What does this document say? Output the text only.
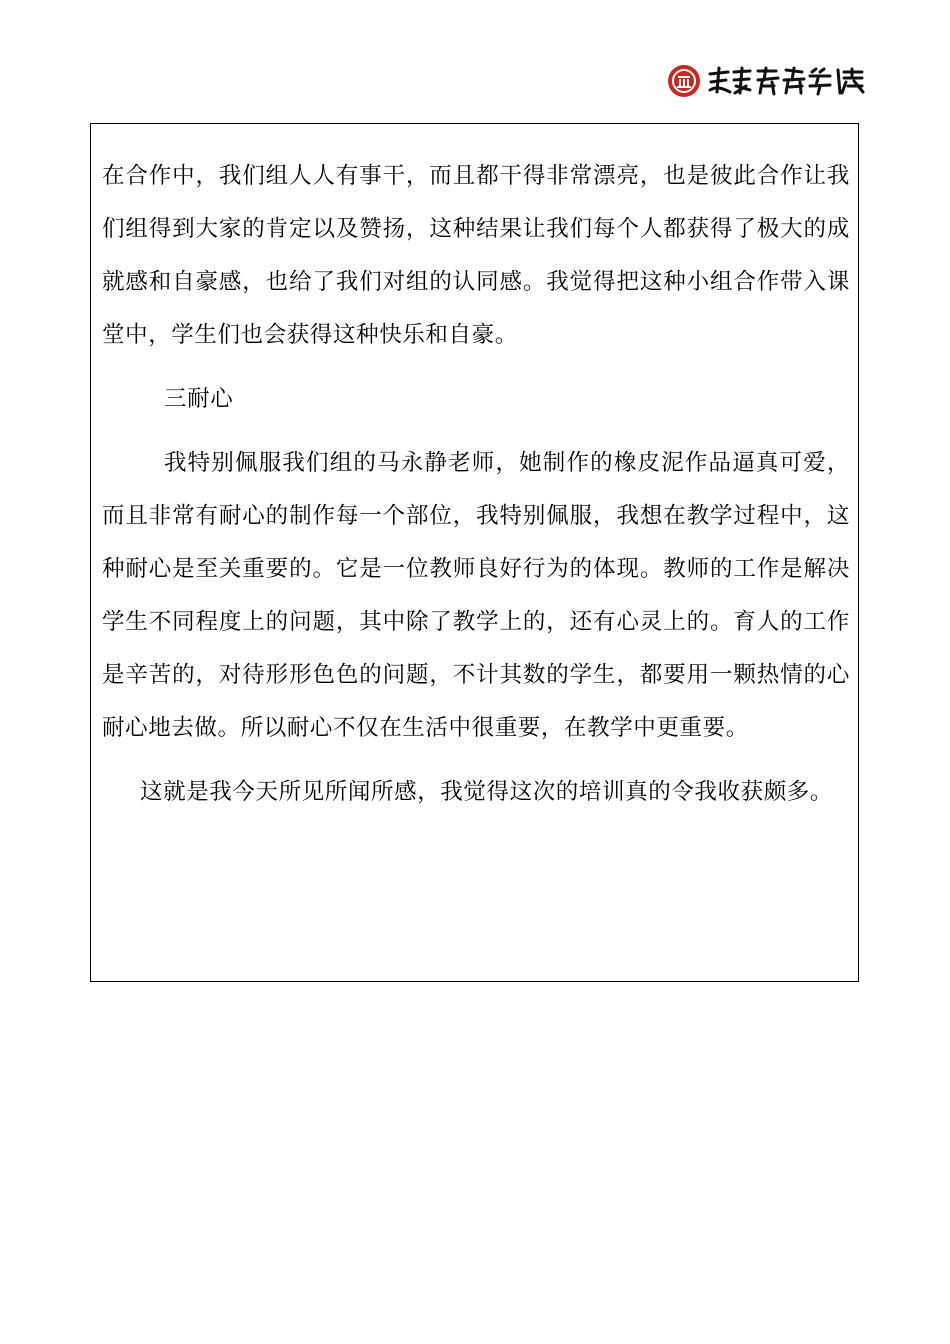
在合作中，我们组人人有事干，而且都干得非常漂亮，也是彼此合作让我们组得到大家的肯定以及赞扬，这种结果让我们每个人都获得了极大的成就感和自豪感，也给了我们对组的认同感。我觉得把这种小组合作带入课堂中，学生们也会获得这种快乐和自豪。

三耐心

我特别佩服我们组的马永静老师，她制作的橡皮泥作品逼真可爱，而且非常有耐心的制作每一个部位，我特别佩服，我想在教学过程中，这种耐心是至关重要的。它是一位教师良好行为的体现。教师的工作是解决学生不同程度上的问题，其中除了教学上的，还有心灵上的。育人的工作是辛苦的，对待形形色色的问题，不计其数的学生，都要用一颗热情的心耐心地去做。所以耐心不仅在生活中很重要，在教学中更重要。

这就是我今天所见所闻所感，我觉得这次的培训真的令我收获颇多。
